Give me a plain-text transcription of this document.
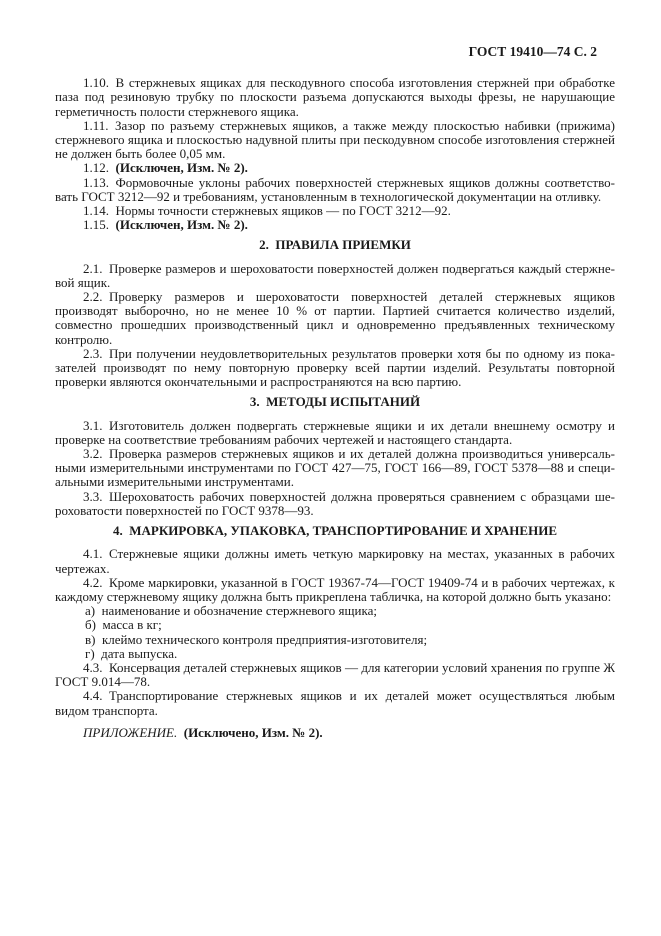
ГОСТ 19410—74 С. 2
1.10. В стержневых ящиках для пескодувного способа изготовления стержней при обработке паза под резиновую трубку по плоскости разъема допускаются выходы фрезы, не нарушающие герметичность полости стержневого ящика.
1.11. Зазор по разъему стержневых ящиков, а также между плоскостью набивки (прижима) стержневого ящика и плоскостью надувной плиты при пескодувном способе изготовления стержней не должен быть более 0,05 мм.
1.12. (Исключен, Изм. № 2).
1.13. Формовочные уклоны рабочих поверхностей стержневых ящиков должны соответствовать ГОСТ 3212—92 и требованиям, установленным в технологической документации на отливку.
1.14. Нормы точности стержневых ящиков — по ГОСТ 3212—92.
1.15. (Исключен, Изм. № 2).
2. ПРАВИЛА ПРИЕМКИ
2.1. Проверке размеров и шероховатости поверхностей должен подвергаться каждый стержневой ящик.
2.2. Проверку размеров и шероховатости поверхностей деталей стержневых ящиков производят выборочно, но не менее 10 % от партии. Партией считается количество изделий, совместно прошедших производственный цикл и одновременно предъявленных техническому контролю.
2.3. При получении неудовлетворительных результатов проверки хотя бы по одному из показателей производят по нему повторную проверку всей партии изделий. Результаты повторной проверки являются окончательными и распространяются на всю партию.
3. МЕТОДЫ ИСПЫТАНИЙ
3.1. Изготовитель должен подвергать стержневые ящики и их детали внешнему осмотру и проверке на соответствие требованиям рабочих чертежей и настоящего стандарта.
3.2. Проверка размеров стержневых ящиков и их деталей должна производиться универсальными измерительными инструментами по ГОСТ 427—75, ГОСТ 166—89, ГОСТ 5378—88 и специальными измерительными инструментами.
3.3. Шероховатость рабочих поверхностей должна проверяться сравнением с образцами шероховатости поверхностей по ГОСТ 9378—93.
4. МАРКИРОВКА, УПАКОВКА, ТРАНСПОРТИРОВАНИЕ И ХРАНЕНИЕ
4.1. Стержневые ящики должны иметь четкую маркировку на местах, указанных в рабочих чертежах.
4.2. Кроме маркировки, указанной в ГОСТ 19367-74—ГОСТ 19409-74 и в рабочих чертежах, к каждому стержневому ящику должна быть прикреплена табличка, на которой должно быть указано:
а) наименование и обозначение стержневого ящика;
б) масса в кг;
в) клеймо технического контроля предприятия-изготовителя;
г) дата выпуска.
4.3. Консервация деталей стержневых ящиков — для категории условий хранения по группе Ж ГОСТ 9.014—78.
4.4. Транспортирование стержневых ящиков и их деталей может осуществляться любым видом транспорта.
ПРИЛОЖЕНИЕ. (Исключено, Изм. № 2).
